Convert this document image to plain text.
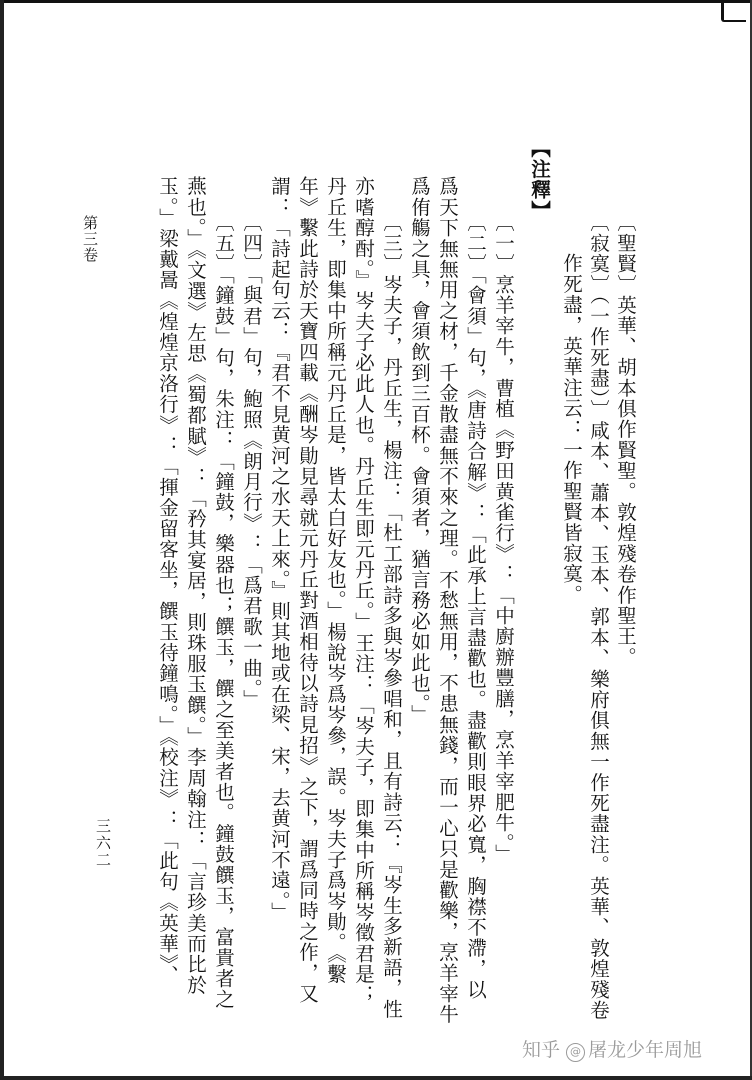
〔聖賢〕英華、胡本俱作賢聖。敦煌殘卷作聖王。
〔寂寞〕（一作死盡）〕咸本、蕭本、玉本、郭本、樂府俱無一作死盡注。英華、敦煌殘卷
作死盡，英華注云：一作聖賢皆寂寞。
【注釋】
〔一〕烹羊宰牛，曹植《野田黄雀行》：「中廚辦豐膳，烹羊宰肥牛。」
〔二〕「會須」句，《唐詩合解》：「此承上言盡歡也。盡歡則眼界必寬，胸襟不滯，以
爲天下無無用之材，千金散盡無不來之理。不愁無用，不患無錢，而一心只是歡樂，烹羊宰牛
爲侑觴之具，會須飲到三百杯。會須者，猶言務必如此也。」
〔三〕岑夫子，丹丘生，楊注：「杜工部詩多與岑參唱和，且有詩云：『岑生多新語，性
亦嗜醇酎。』岑夫子必此人也。丹丘生即元丹丘。」王注：「岑夫子，即集中所稱岑徵君是；
丹丘生，即集中所稱元丹丘是，皆太白好友也。」楊說岑爲岑參，誤。岑夫子爲岑勛。《繫
年》繫此詩於天寶四載《酬岑勛見尋就元丹丘對酒相待以詩見招》之下，謂爲同時之作，又
謂：「詩起句云：『君不見黄河之水天上來。』則其地或在梁、宋，去黄河不遠。」
〔四〕「與君」句，鮑照《朗月行》：「爲君歌一曲。」
〔五〕「鐘鼓」句，朱注：「鐘鼓，樂器也；饌玉，饌之至美者也。鐘鼓饌玉，富貴者之
燕也。」《文選》左思《蜀都賦》：「矜其宴居，則珠服玉饌。」李周翰注：「言珍美而比於
玉。」梁戴暠《煌煌京洛行》：「揮金留客坐，饌玉待鐘鳴。」《校注》：「此句《英華》、
第三卷
三六二
知乎 @ 屠龙少年周旭
